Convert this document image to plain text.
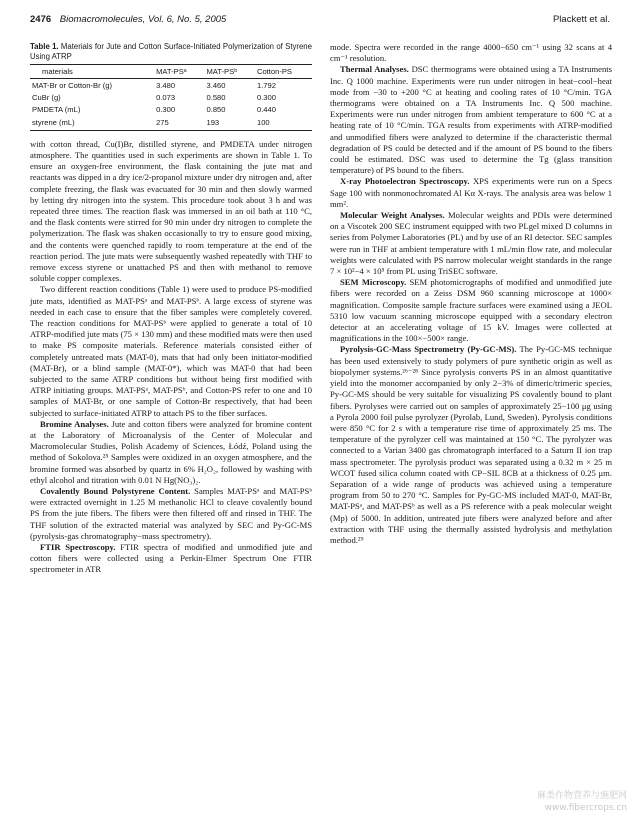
2476 Biomacromolecules, Vol. 6, No. 5, 2005	Plackett et al.
Table 1. Materials for Jute and Cotton Surface-Initiated Polymerization of Styrene Using ATRP
materials	MAT-PSᵃ	MAT-PSᵇ	Cotton-PS
MAT-Br or Cotton-Br (g)	3.480	3.460	1.792
CuBr (g)	0.073	0.580	0.300
PMDETA (mL)	0.300	0.850	0.440
styrene (mL)	275	193	100

with cotton thread, Cu(I)Br, distilled styrene, and PMDETA under nitrogen atmosphere. The quantities used in such experiments are shown in Table 1. To ensure an oxygen-free environment, the flask containing the jute mat and reactants was dipped in a dry ice/2-propanol mixture under dry nitrogen and, after complete freezing, the flask was evacuated for 30 min and then slowly warmed by letting dry nitrogen into the system. This procedure took about 3 h and was repeated three times. The reaction flask was immersed in an oil bath at 110 °C, and the flask contents were stirred for 90 min under dry nitrogen to complete the polymerization. The flask was shaken occasionally to try to ensure good mixing, and the contents were quenched rapidly to room temperature at the end of the reaction period. The jute mats were subsequently washed repeatedly with THF to remove excess styrene or unattached PS and then with methanol to remove soluble copper complexes.

Two different reaction conditions (Table 1) were used to produce PS-modified jute mats, identified as MAT-PSᵃ and MAT-PSᵇ. A large excess of styrene was needed in each case to ensure that the fiber samples were completely covered. The reaction conditions for MAT-PSᵇ were applied to generate a total of 10 ATRP-modified jute mats (75 × 130 mm) and these modified mats were then used to make PS composite materials. Reference materials consisted either of completely untreated mats (MAT-0), mats that had only been initiator-modified (MAT-Br), or a blind sample (MAT-0*), which was MAT-0 that had been subjected to the same ATRP conditions but without being first modified with ATRP initiating groups. MAT-PSᵃ, MAT-PSᵇ, and Cotton-PS refer to one and 10 samples of MAT-Br, or one sample of Cotton-Br respectively, that had been subjected to surface-initiated ATRP to attach PS to the fiber surfaces.

Bromine Analyses. Jute and cotton fibers were analyzed for bromine content at the Laboratory of Microanalysis of the Center of Molecular and Macromolecular Studies, Polish Academy of Sciences, Łódź, Poland using the method of Sokolova.²⁵ Samples were oxidized in an oxygen atmosphere, and the bromine formed was absorbed by quartz in 6% H₂O₂, followed by washing with ethyl alcohol and titration with 0.01 N Hg(NO₃)₂.

Covalently Bound Polystyrene Content. Samples MAT-PSᵃ and MAT-PSᵇ were extracted overnight in 1.25 M methanolic HCl to cleave covalently bound PS from the jute fibers. The fibers were then filtered off and rinsed in THF. The THF solution of the extracted material was analyzed by SEC and Py-GC-MS (pyrolysis-gas chromatography−mass spectrometry).

FTIR Spectroscopy. FTIR spectra of modified and unmodified jute and cotton fibers were collected using a Perkin-Elmer Spectrum One FTIR spectrometer in ATR

mode. Spectra were recorded in the range 4000−650 cm⁻¹ using 32 scans at 4 cm⁻¹ resolution.

Thermal Analyses. DSC thermograms were obtained using a TA Instruments Inc. Q 1000 machine. Experiments were run under nitrogen in heat−cool−heat mode from −30 to +200 °C at heating and cooling rates of 10 °C/min. TGA thermograms were obtained on a TA Instruments Inc. Q 500 machine. Experiments were run under nitrogen from ambient temperature to 600 °C at a heating rate of 10 °C/min. TGA results from experiments with ATRP-modified and unmodified fibers were analyzed to determine if the characteristic thermal degradation of PS could be detected and if the amount of PS bound to the fibers could be estimated. DSC was used to determine the Tg (glass transition temperature) of PS bound to the fibers.

X-ray Photoelectron Spectroscopy. XPS experiments were run on a Specs Sage 100 with nonmonochromated Al Kα X-rays. The analysis area was below 1 mm².

Molecular Weight Analyses. Molecular weights and PDIs were determined on a Viscotek 200 SEC instrument equipped with two PLgel mixed D columns in series from Polymer Laboratories (PL) and by use of an RI detector. SEC samples were run in THF at ambient temperature with 1 mL/min flow rate, and molecular weights were calculated with PS narrow molecular weight standards in the range 7 × 10²−4 × 10⁵ from PL using TriSEC software.

SEM Microscopy. SEM photomicrographs of modified and unmodified jute fibers were recorded on a Zeiss DSM 960 scanning microscope at 1000× magnification. Composite sample fracture surfaces were examined using a JEOL 5310 low vacuum scanning microscope equipped with a secondary electron detector at an accelerating voltage of 15 kV. Images were collected at magnifications in the 100×−500× range.

Pyrolysis-GC-Mass Spectrometry (Py-GC-MS). The Py-GC-MS technique has been used extensively to study polymers of pure synthetic origin as well as biopolymer systems.²⁶⁻²⁸ Since pyrolysis converts PS in an almost quantitative yield into the monomer accompanied by only 2−3% of dimeric/trimeric species, Py-GC-MS should be very suitable for visualizing PS covalently bound to plant fibers. Pyrolyses were carried out on samples of approximately 25−100 μg using a Pyrola 2000 foil pulse pyrolyzer (Pyrolab, Lund, Sweden). Pyrolysis conditions were 850 °C for 2 s with a temperature rise time of approximately 25 ms. The temperature of the pyrolyzer cell was maintained at 150 °C. The pyrolyzer was connected to a Varian 3400 gas chromatograph interfaced to a Saturn II ion trap mass spectrometer. The pyrolysis product was separated using a 0.32 m × 25 m WCOT fused silica column coated with CP−SIL 8CB at a thickness of 0.25 μm. Separation of a wide range of products was achieved using a temperature program from 50 to 270 °C. Samples for Py-GC-MS included MAT-0, MAT-Br, MAT-PSᵃ, and MAT-PSᵇ as well as a PS reference with a peak molecular weight (Mp) of 5000. In addition, untreated jute fibers were analyzed before and after extraction with THF using the thermally assisted hydrolysis and methylation method.²⁹

麻类作物营养与施肥网
www.fibercrops.cn
